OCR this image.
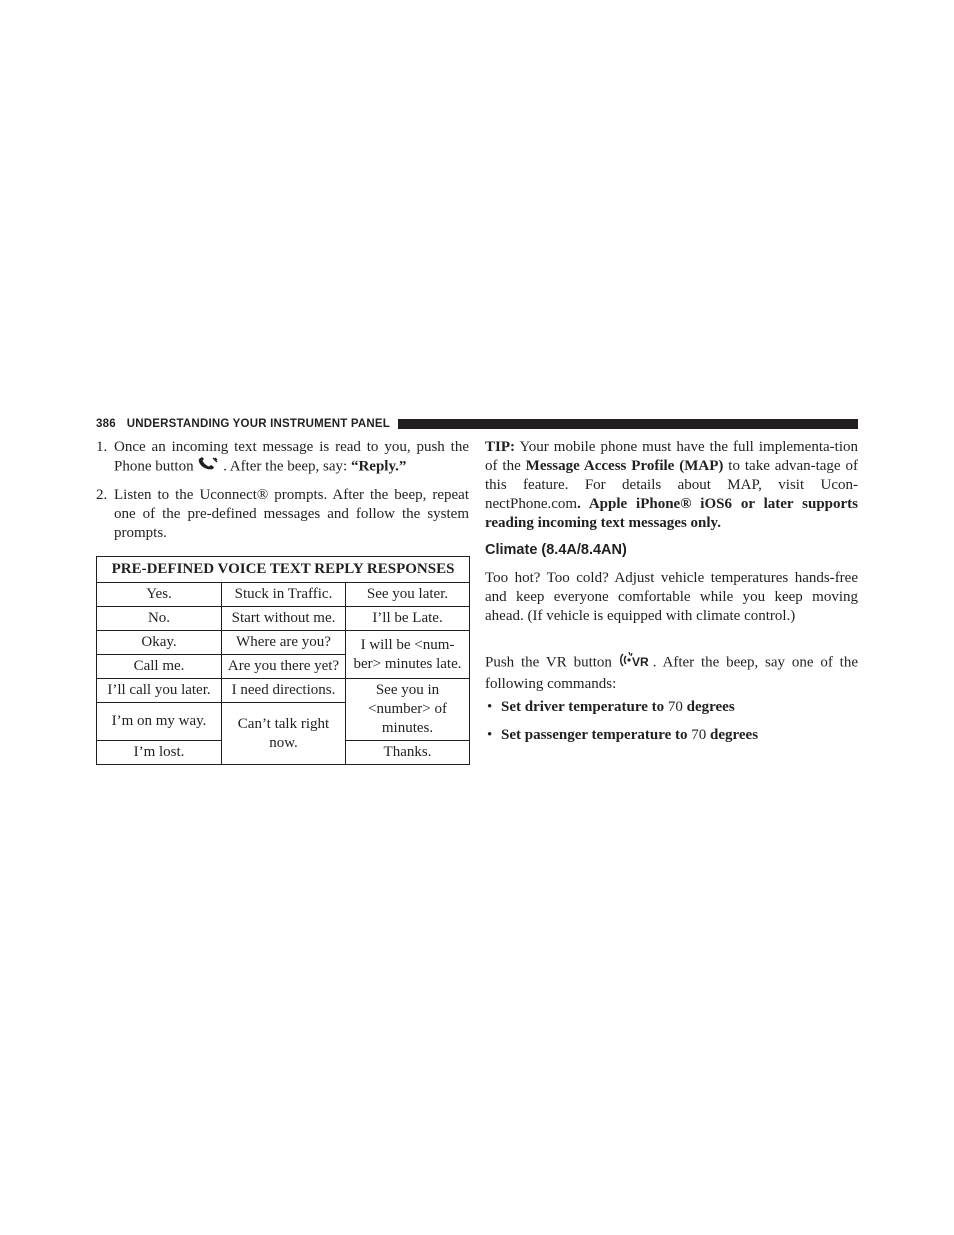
386 UNDERSTANDING YOUR INSTRUMENT PANEL
1. Once an incoming text message is read to you, push the Phone button . After the beep, say: “Reply.”
2. Listen to the Uconnect® prompts. After the beep, repeat one of the pre-defined messages and follow the system prompts.
PRE-DEFINED VOICE TEXT REPLY RESPONSES		
Yes.	Stuck in Traffic.	See you later.
No.	Start without me.	I’ll be Late.
Okay.	Where are you?	I will be <num-ber> minutes late.
Call me.	Are you there yet?	
I’ll call you later.	I need directions.	See you in <number> of minutes.
I’m on my way.	Can’t talk right now.	
I’m lost.		Thanks.
TIP: Your mobile phone must have the full implementa-tion of the Message Access Profile (MAP) to take advan-tage of this feature. For details about MAP, visit Ucon-nectPhone.com. Apple iPhone® iOS6 or later supports reading incoming text messages only.
Climate (8.4A/8.4AN)
Too hot? Too cold? Adjust vehicle temperatures hands-free and keep everyone comfortable while you keep moving ahead. (If vehicle is equipped with climate control.)
Push the VR button VR . After the beep, say one of the following commands:
• Set driver temperature to 70 degrees
• Set passenger temperature to 70 degrees
